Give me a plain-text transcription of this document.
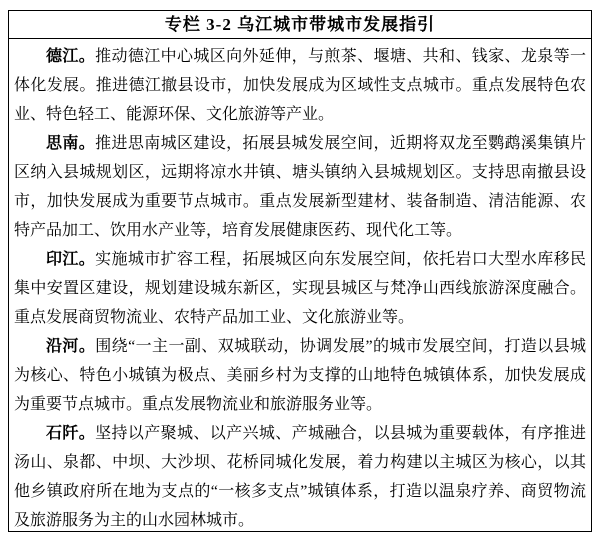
专栏 3-2 乌江城市带城市发展指引

德江。推动德江中心城区向外延伸，与煎茶、堰塘、共和、钱家、龙泉等一体化发展。推进德江撤县设市，加快发展成为区域性支点城市。重点发展特色农业、特色轻工、能源环保、文化旅游等产业。

思南。推进思南城区建设，拓展县城发展空间，近期将双龙至鹦鹉溪集镇片区纳入县城规划区，远期将凉水井镇、塘头镇纳入县城规划区。支持思南撤县设市，加快发展成为重要节点城市。重点发展新型建材、装备制造、清洁能源、农特产品加工、饮用水产业等，培育发展健康医药、现代化工等。

印江。实施城市扩容工程，拓展城区向东发展空间，依托岩口大型水库移民集中安置区建设，规划建设城东新区，实现县城区与梵净山西线旅游深度融合。重点发展商贸物流业、农特产品加工业、文化旅游业等。

沿河。围绕“一主一副、双城联动，协调发展”的城市发展空间，打造以县城为核心、特色小城镇为极点、美丽乡村为支撑的山地特色城镇体系，加快发展成为重要节点城市。重点发展物流业和旅游服务业等。

石阡。坚持以产聚城、以产兴城、产城融合，以县城为重要载体，有序推进汤山、泉都、中坝、大沙坝、花桥同城化发展，着力构建以主城区为核心，以其他乡镇政府所在地为支点的“一核多支点”城镇体系，打造以温泉疗养、商贸物流及旅游服务为主的山水园林城市。
